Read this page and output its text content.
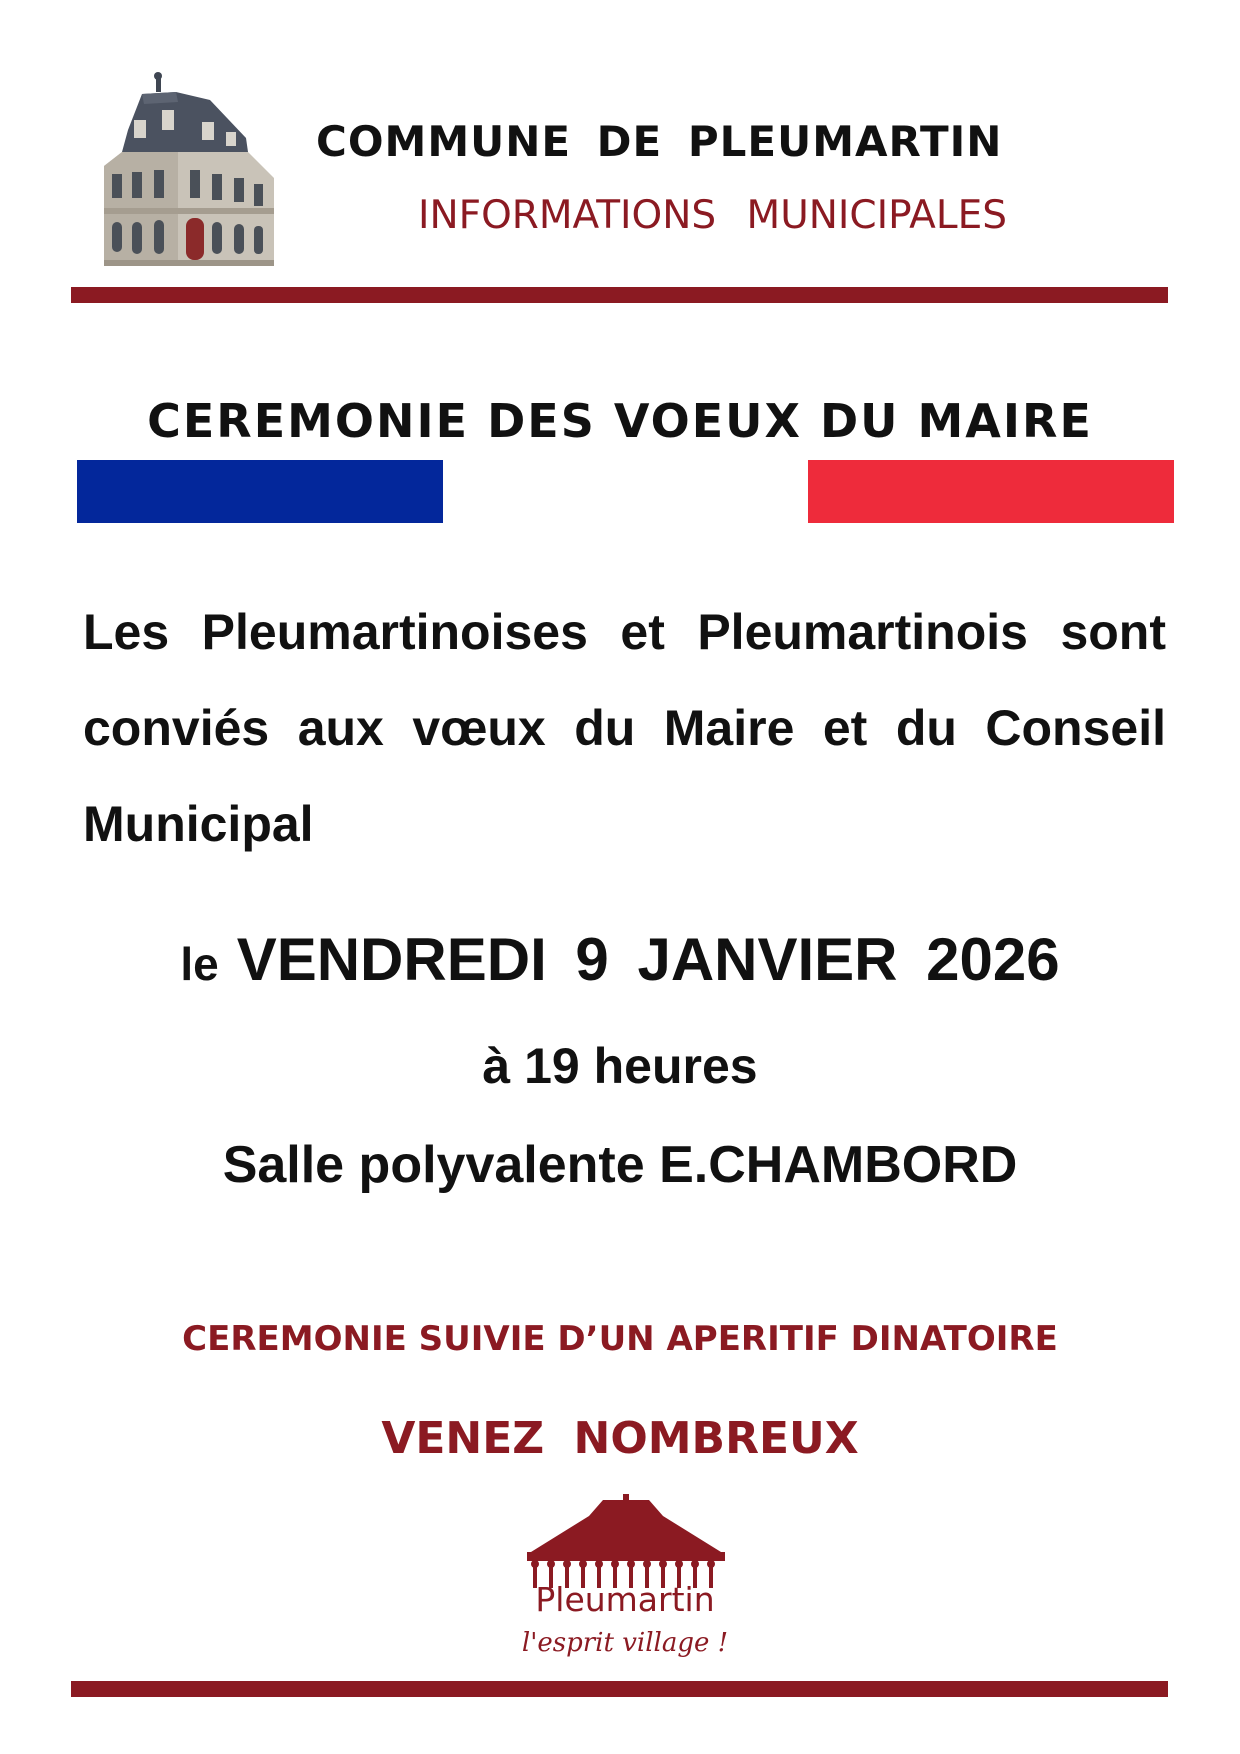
COMMUNE DE PLEUMARTIN
INFORMATIONS MUNICIPALES
CEREMONIE DES VOEUX DU MAIRE
Les Pleumartinoises et Pleumartinois sont
conviés aux vœux du Maire et du Conseil
Municipal
le VENDREDI 9 JANVIER 2026
à 19 heures
Salle polyvalente E.CHAMBORD
CEREMONIE SUIVIE D’UN APERITIF DINATOIRE
VENEZ NOMBREUX
Pleumartin
l'esprit village !
